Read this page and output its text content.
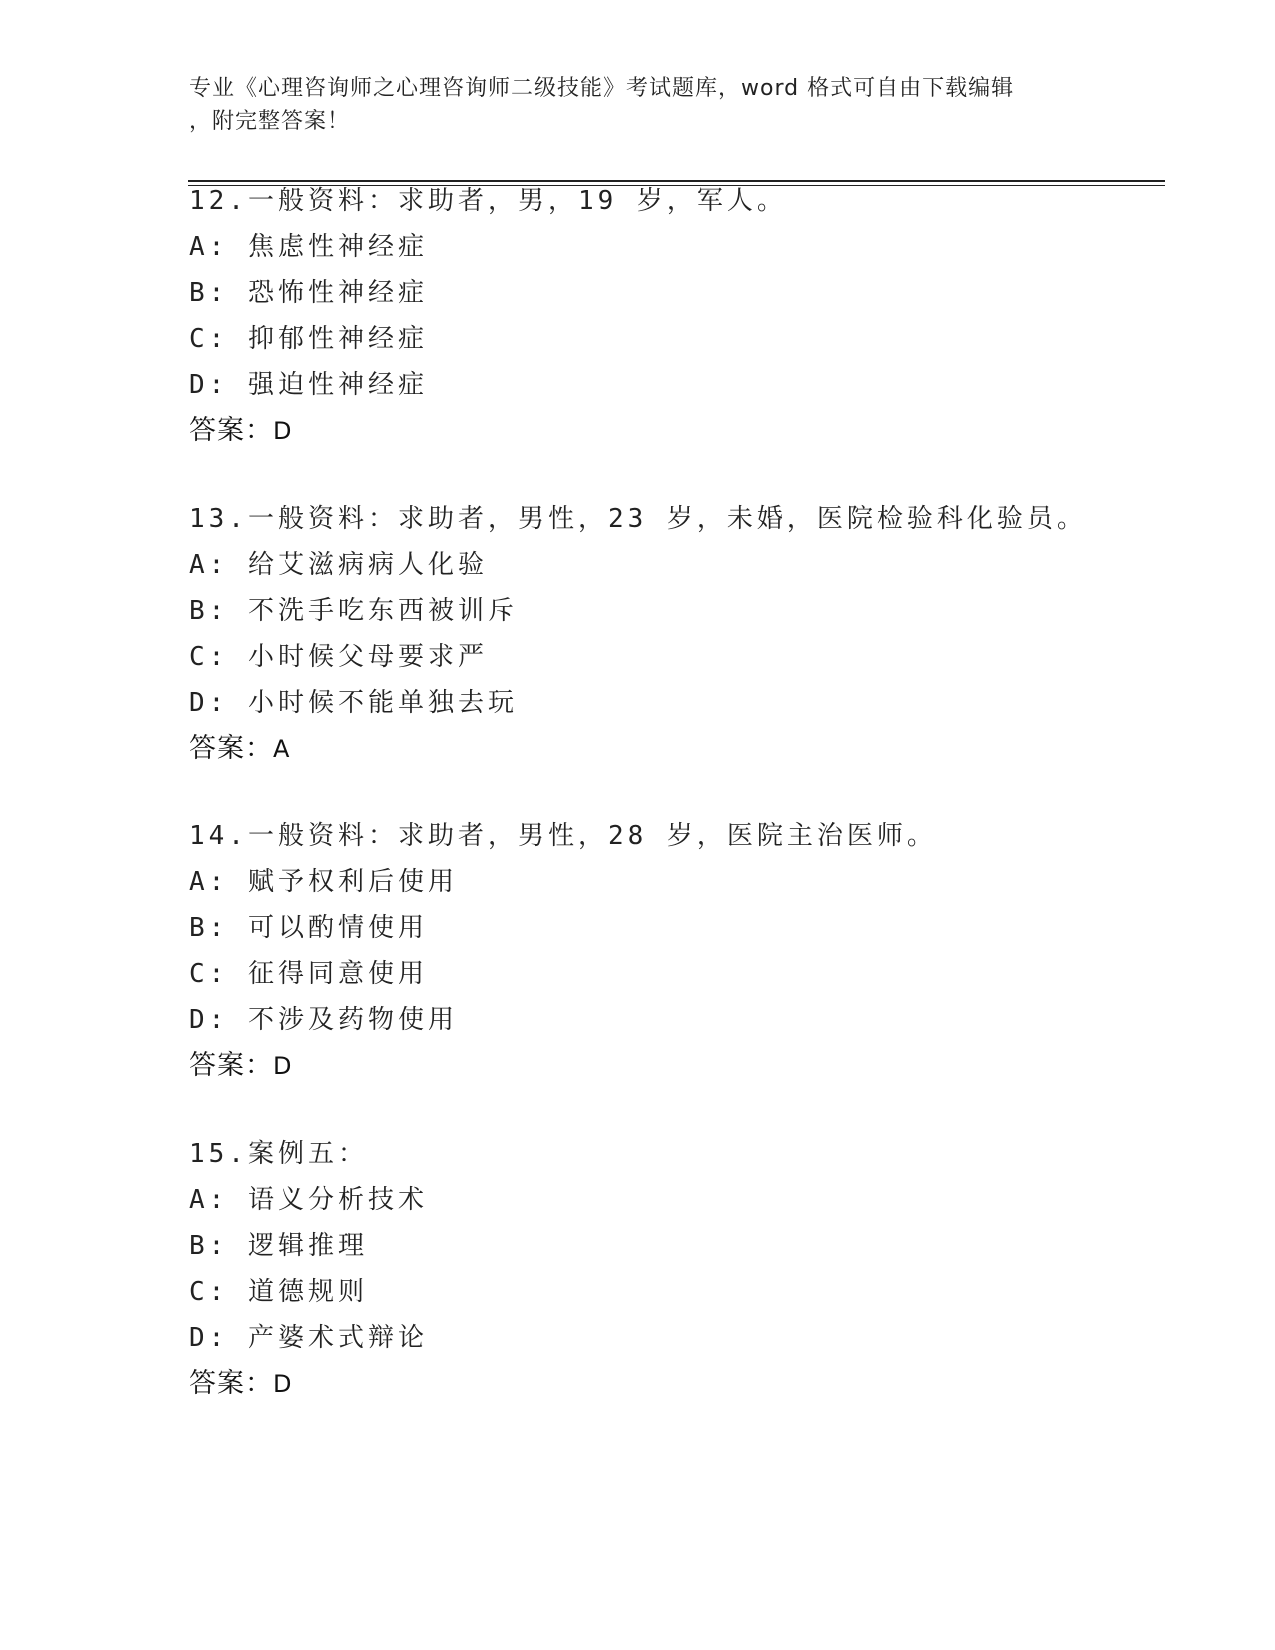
专业《心理咨询师之心理咨询师二级技能》考试题库，word 格式可自由下载编辑
，附完整答案！
12.一般资料：求助者，男，19 岁，军人。
A: 焦虑性神经症
B: 恐怖性神经症
C: 抑郁性神经症
D: 强迫性神经症
答案：D
13.一般资料：求助者，男性，23 岁，未婚，医院检验科化验员。
A: 给艾滋病病人化验
B: 不洗手吃东西被训斥
C: 小时候父母要求严
D: 小时候不能单独去玩
答案：A
14.一般资料：求助者，男性，28 岁，医院主治医师。
A: 赋予权利后使用
B: 可以酌情使用
C: 征得同意使用
D: 不涉及药物使用
答案：D
15.案例五：
A: 语义分析技术
B: 逻辑推理
C: 道德规则
D: 产婆术式辩论
答案：D
